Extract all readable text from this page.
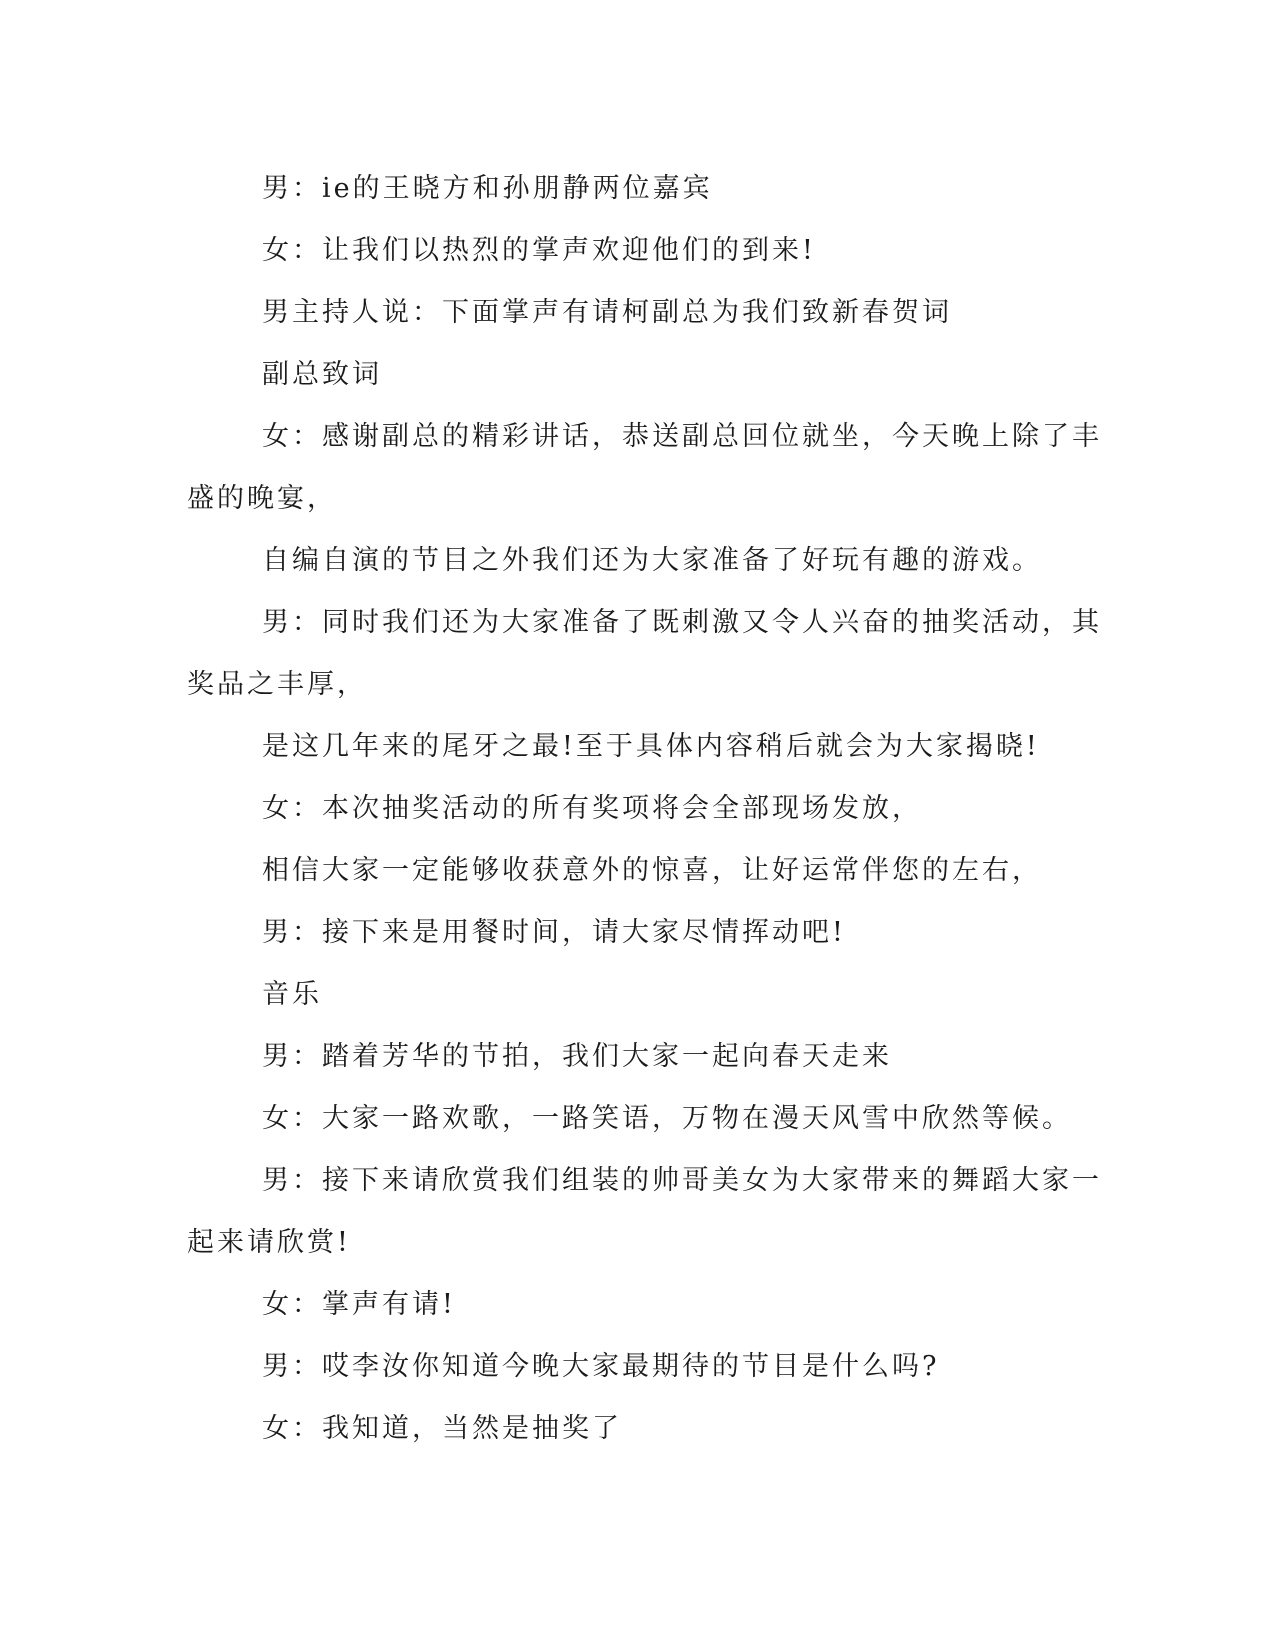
男：ie的王晓方和孙朋静两位嘉宾

女：让我们以热烈的掌声欢迎他们的到来!

男主持人说：下面掌声有请柯副总为我们致新春贺词

副总致词

女：感谢副总的精彩讲话，恭送副总回位就坐，今天晚上除了丰

盛的晚宴，

自编自演的节目之外我们还为大家准备了好玩有趣的游戏。

男：同时我们还为大家准备了既刺激又令人兴奋的抽奖活动，其

奖品之丰厚，

是这几年来的尾牙之最!至于具体内容稍后就会为大家揭晓!

女：本次抽奖活动的所有奖项将会全部现场发放，

相信大家一定能够收获意外的惊喜，让好运常伴您的左右，

男：接下来是用餐时间，请大家尽情挥动吧!

音乐

男：踏着芳华的节拍，我们大家一起向春天走来

女：大家一路欢歌，一路笑语，万物在漫天风雪中欣然等候。

男：接下来请欣赏我们组装的帅哥美女为大家带来的舞蹈大家一

起来请欣赏!

女：掌声有请!

男：哎李汝你知道今晚大家最期待的节目是什么吗?

女：我知道，当然是抽奖了
